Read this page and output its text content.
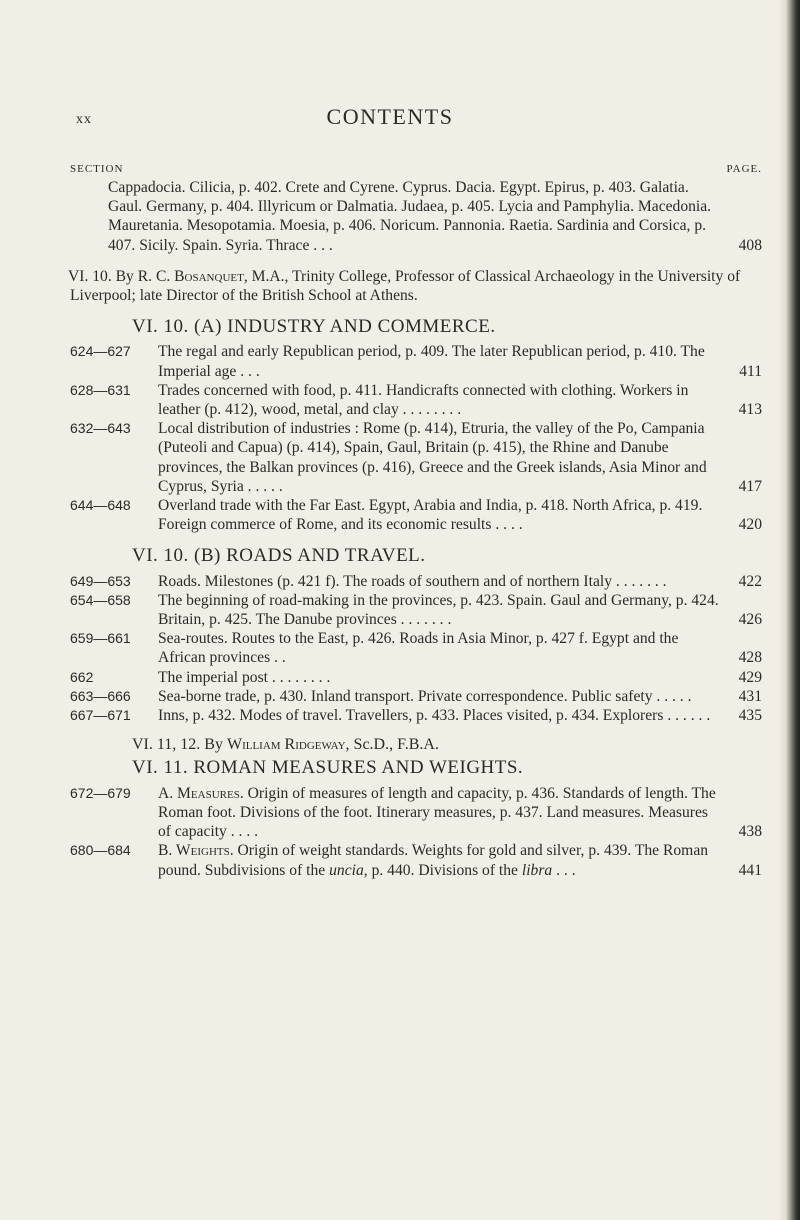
xx	CONTENTS
SECTION	PAGE.
Cappadocia. Cilicia, p. 402. Crete and Cyrene. Cyprus. Dacia. Egypt. Epirus, p. 403. Galatia. Gaul. Germany, p. 404. Illyricum or Dalmatia. Judaea, p. 405. Lycia and Pamphylia. Macedonia. Mauretania. Mesopotamia. Moesia, p. 406. Noricum. Pannonia. Raetia. Sardinia and Corsica, p. 407. Sicily. Spain. Syria. Thrace . . .	408
VI. 10. By R. C. Bosanquet, M.A., Trinity College, Professor of Classical Archaeology in the University of Liverpool; late Director of the British School at Athens.
VI. 10. (A) INDUSTRY AND COMMERCE.
624—627	The regal and early Republican period, p. 409. The later Republican period, p. 410. The Imperial age . . .	411
628—631	Trades concerned with food, p. 411. Handicrafts connected with clothing. Workers in leather (p. 412), wood, metal, and clay . . . . . . . .	413
632—643	Local distribution of industries : Rome (p. 414), Etruria, the valley of the Po, Campania (Puteoli and Capua) (p. 414), Spain, Gaul, Britain (p. 415), the Rhine and Danube provinces, the Balkan provinces (p. 416), Greece and the Greek islands, Asia Minor and Cyprus, Syria . . . . .	417
644—648	Overland trade with the Far East. Egypt, Arabia and India, p. 418. North Africa, p. 419. Foreign commerce of Rome, and its economic results . . . .	420
VI. 10. (B) ROADS AND TRAVEL.
649—653	Roads. Milestones (p. 421 f). The roads of southern and of northern Italy . . . . . . .	422
654—658	The beginning of road-making in the provinces, p. 423. Spain. Gaul and Germany, p. 424. Britain, p. 425. The Danube provinces . . . . . . .	426
659—661	Sea-routes. Routes to the East, p. 426. Roads in Asia Minor, p. 427 f. Egypt and the African provinces . .	428
662	The imperial post . . . . . . . .	429
663—666	Sea-borne trade, p. 430. Inland transport. Private correspondence. Public safety . . . . .	431
667—671	Inns, p. 432. Modes of travel. Travellers, p. 433. Places visited, p. 434. Explorers . . . . . .	435
VI. 11, 12. By William Ridgeway, Sc.D., F.B.A.
VI. 11. ROMAN MEASURES AND WEIGHTS.
672—679	A. Measures. Origin of measures of length and capacity, p. 436. Standards of length. The Roman foot. Divisions of the foot. Itinerary measures, p. 437. Land measures. Measures of capacity . . . .	438
680—684	B. Weights. Origin of weight standards. Weights for gold and silver, p. 439. The Roman pound. Subdivisions of the uncia, p. 440. Divisions of the libra . . .	441
